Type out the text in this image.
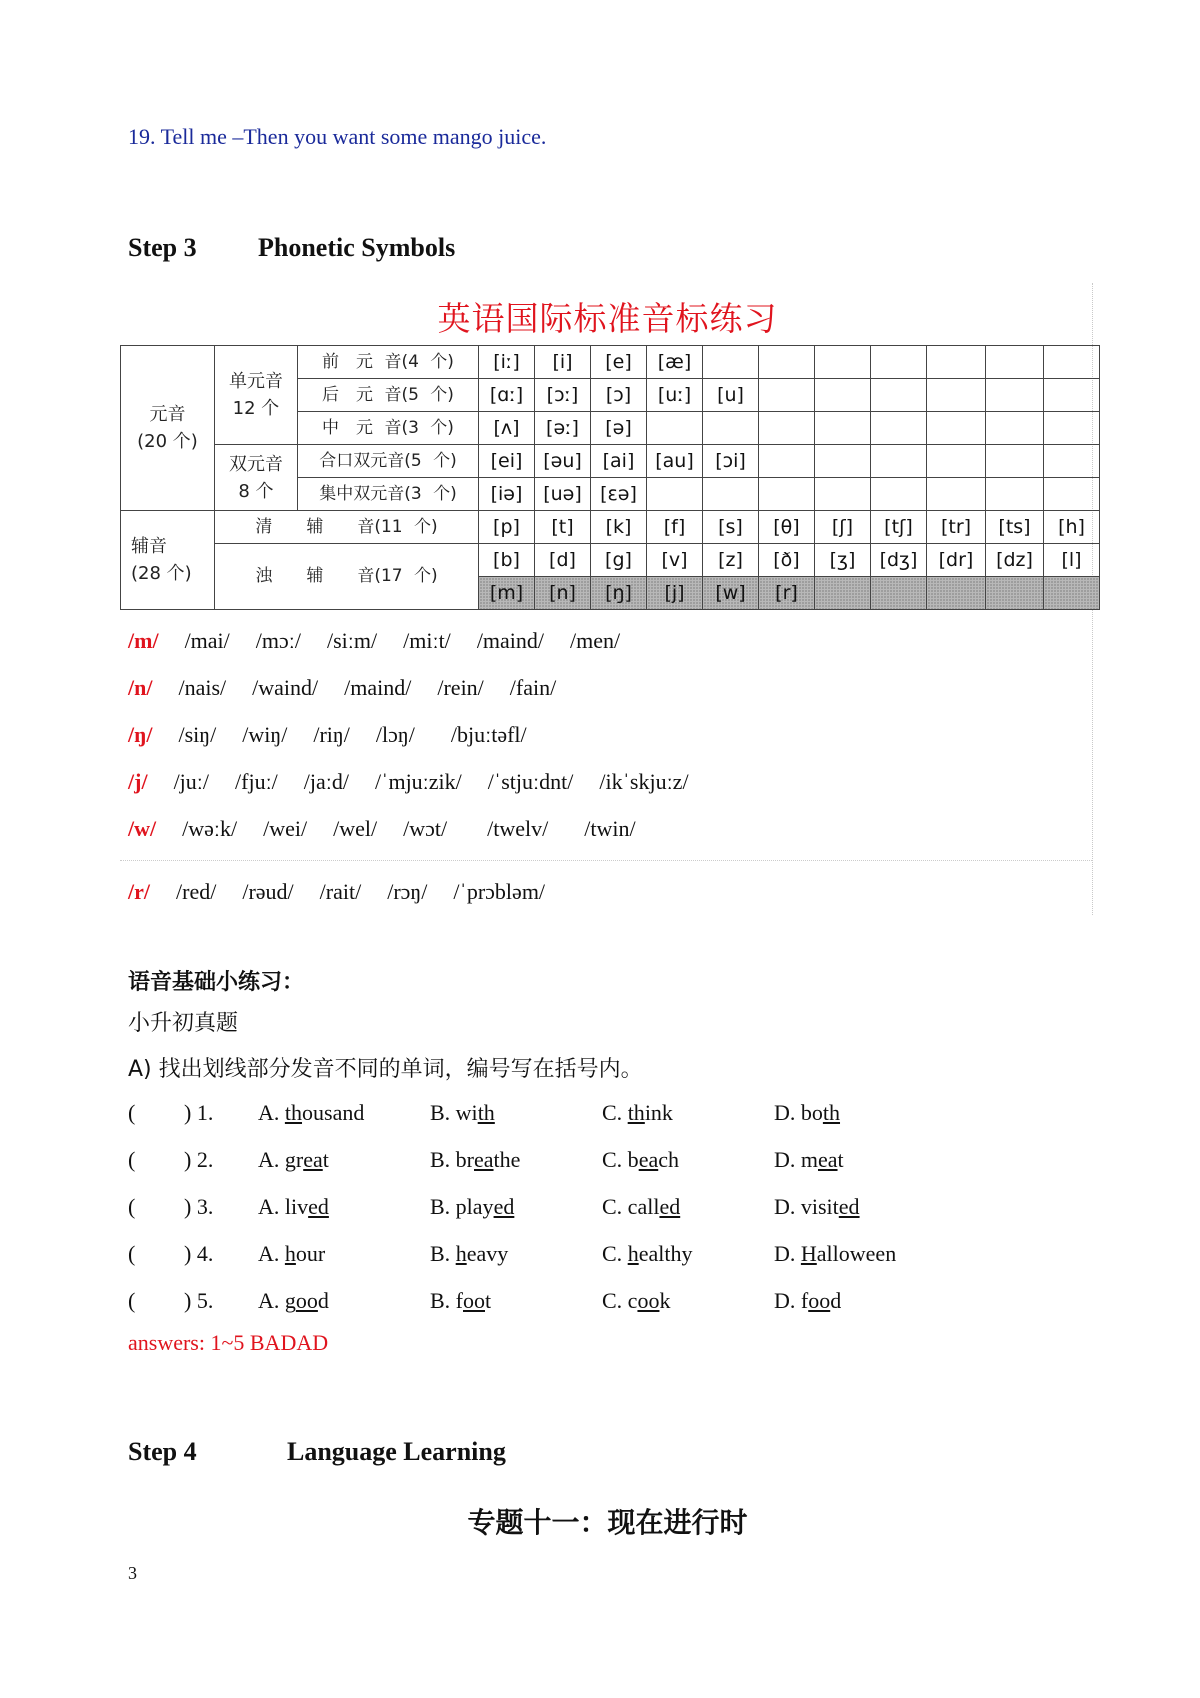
19. Tell me –Then you want some mango juice.
Step 3 Phonetic Symbols
英语国际标准音标练习
元音
(20 个)	单元音
12 个	前　元 音(4 个)	[iː]	[i]	[e]	[æ]							
		后　元 音(5 个)	[ɑː]	[ɔː]	[ɔ]	[uː]	[u]						
		中　元 音(3 个)	[ʌ]	[əː]	[ə]								
	双元音
8 个	合口双元音(5 个)	[ei]	[əu]	[ai]	[au]	[ɔi]						
		集中双元音(3 个)	[iə]	[uə]	[εə]								
辅音
(28 个)	清　　辅　　音(11 个)		[p]	[t]	[k]	[f]	[s]	[θ]	[ʃ]	[tʃ]	[tr]	[ts]	[h]
	浊　　辅　　音(17 个)		[b]	[d]	[g]	[v]	[z]	[ð]	[ʒ]	[dʒ]	[dr]	[dz]	[l]
			[m]	[n]	[ŋ]	[j]	[w]	[r]					
/m/ /mai/ /mɔː/ /siːm/ /miːt/ /maind/ /men/
/n/ /nais/ /waind/ /maind/ /rein/ /fain/
/ŋ/ /siŋ/ /wiŋ/ /riŋ/ /lɔŋ/ /bjuːtəfl/
/j/ /juː/ /fjuː/ /jaːd/ /ˈmjuːzik/ /ˈstjuːdnt/ /ikˈskjuːz/
/w/ /wəːk/ /wei/ /wel/ /wɔt/ /twelv/ /twin/
/r/ /red/ /rəud/ /rait/ /rɔŋ/ /ˈprɔbləm/
语音基础小练习：
小升初真题
A) 找出划线部分发音不同的单词，编号写在括号内。
( ) 1. A. thousand	B. with	C. think	D. both
( ) 2. A. great	B. breathe	C. beach	D. meat
( ) 3. A. lived	B. played	C. called	D. visited
( ) 4. A. hour	B. heavy	C. healthy	D. Halloween
( ) 5. A. good	B. foot	C. cook	D. food
answers: 1~5 BADAD
Step 4	Language Learning
专题十一：现在进行时
3
